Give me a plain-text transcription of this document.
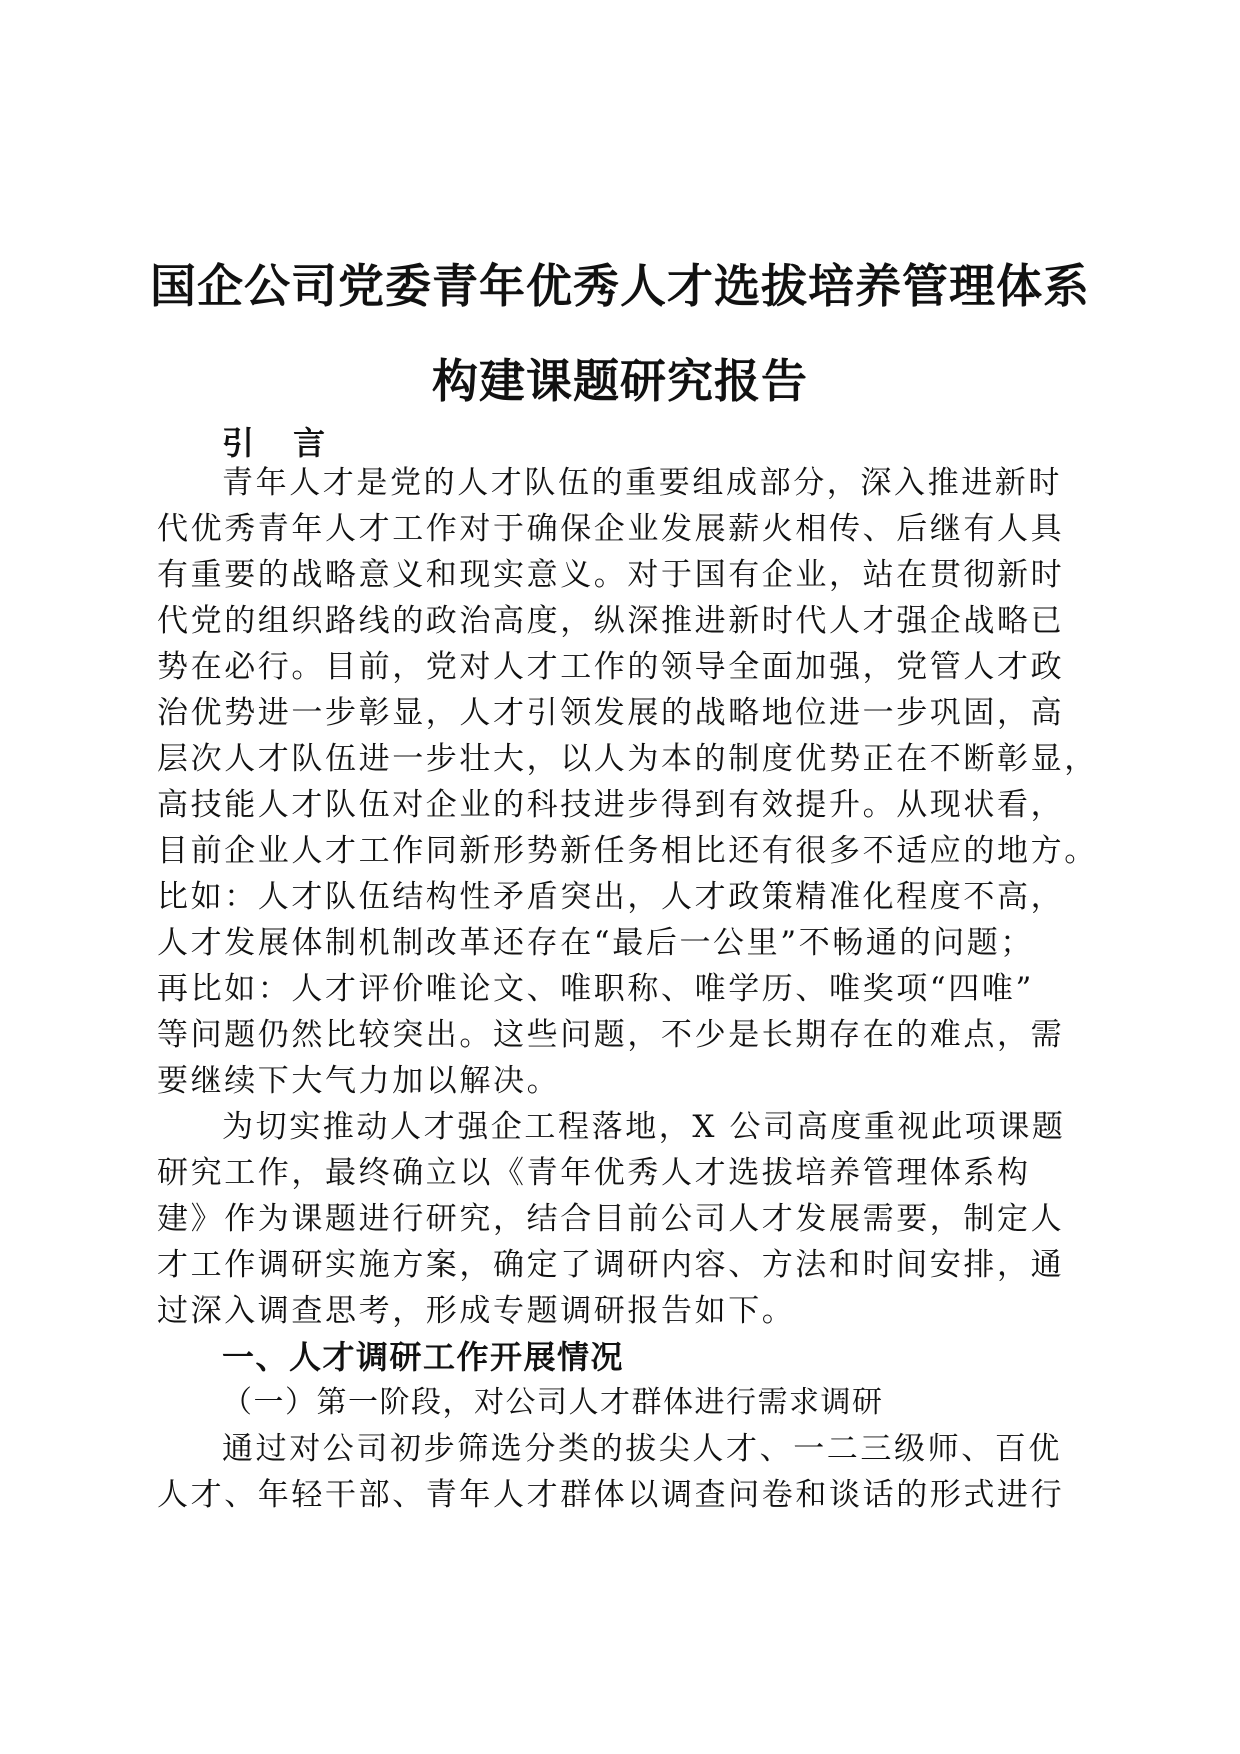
国企公司党委青年优秀人才选拔培养管理体系
构建课题研究报告
引 言
青年人才是党的人才队伍的重要组成部分，深入推进新时
代优秀青年人才工作对于确保企业发展薪火相传、后继有人具
有重要的战略意义和现实意义。对于国有企业，站在贯彻新时
代党的组织路线的政治高度，纵深推进新时代人才强企战略已
势在必行。目前，党对人才工作的领导全面加强，党管人才政
治优势进一步彰显，人才引领发展的战略地位进一步巩固，高
层次人才队伍进一步壮大，以人为本的制度优势正在不断彰显，
高技能人才队伍对企业的科技进步得到有效提升。从现状看，
目前企业人才工作同新形势新任务相比还有很多不适应的地方。
比如：人才队伍结构性矛盾突出，人才政策精准化程度不高，
人才发展体制机制改革还存在“最后一公里”不畅通的问题；
再比如：人才评价唯论文、唯职称、唯学历、唯奖项“四唯”
等问题仍然比较突出。这些问题，不少是长期存在的难点，需
要继续下大气力加以解决。
为切实推动人才强企工程落地，X 公司高度重视此项课题
研究工作，最终确立以《青年优秀人才选拔培养管理体系构
建》作为课题进行研究，结合目前公司人才发展需要，制定人
才工作调研实施方案，确定了调研内容、方法和时间安排，通
过深入调查思考，形成专题调研报告如下。
一、人才调研工作开展情况
（一）第一阶段，对公司人才群体进行需求调研
通过对公司初步筛选分类的拔尖人才、一二三级师、百优
人才、年轻干部、青年人才群体以调查问卷和谈话的形式进行
